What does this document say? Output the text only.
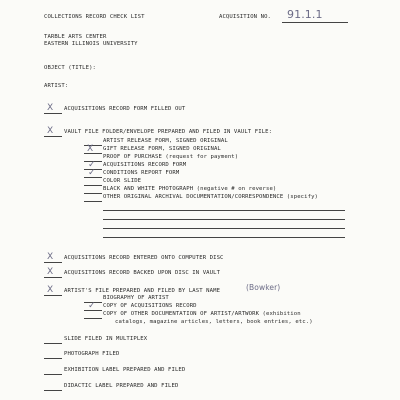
COLLECTIONS RECORD CHECK LIST	ACQUISITION NO. 91.1.1
TARBLE ARTS CENTER
EASTERN ILLINOIS UNIVERSITY
OBJECT (TITLE):
ARTIST:
X ACQUISITIONS RECORD FORM FILLED OUT
X VAULT FILE FOLDER/ENVELOPE PREPARED AND FILED IN VAULT FILE:
ARTIST RELEASE FORM, SIGNED ORIGINAL
X GIFT RELEASE FORM, SIGNED ORIGINAL
PROOF OF PURCHASE (request for payment)
✓ ACQUISITIONS RECORD FORM
✓ CONDITIONS REPORT FORM
COLOR SLIDE
BLACK AND WHITE PHOTOGRAPH (negative # on reverse)
OTHER ORIGINAL ARCHIVAL DOCUMENTATION/CORRESPONDENCE (specify)
X ACQUISITIONS RECORD ENTERED ONTO COMPUTER DISC
X ACQUISITIONS RECORD BACKED UPON DISC IN VAULT
X ARTIST'S FILE PREPARED AND FILED BY LAST NAME	(Bowker)
BIOGRAPHY OF ARTIST
✓ COPY OF ACQUISITIONS RECORD
COPY OF OTHER DOCUMENTATION OF ARTIST/ARTWORK (exhibition
catalogs, magazine articles, letters, book entries, etc.)
SLIDE FILED IN MULTIPLEX
PHOTOGRAPH FILED
EXHIBITION LABEL PREPARED AND FILED
DIDACTIC LABEL PREPARED AND FILED
